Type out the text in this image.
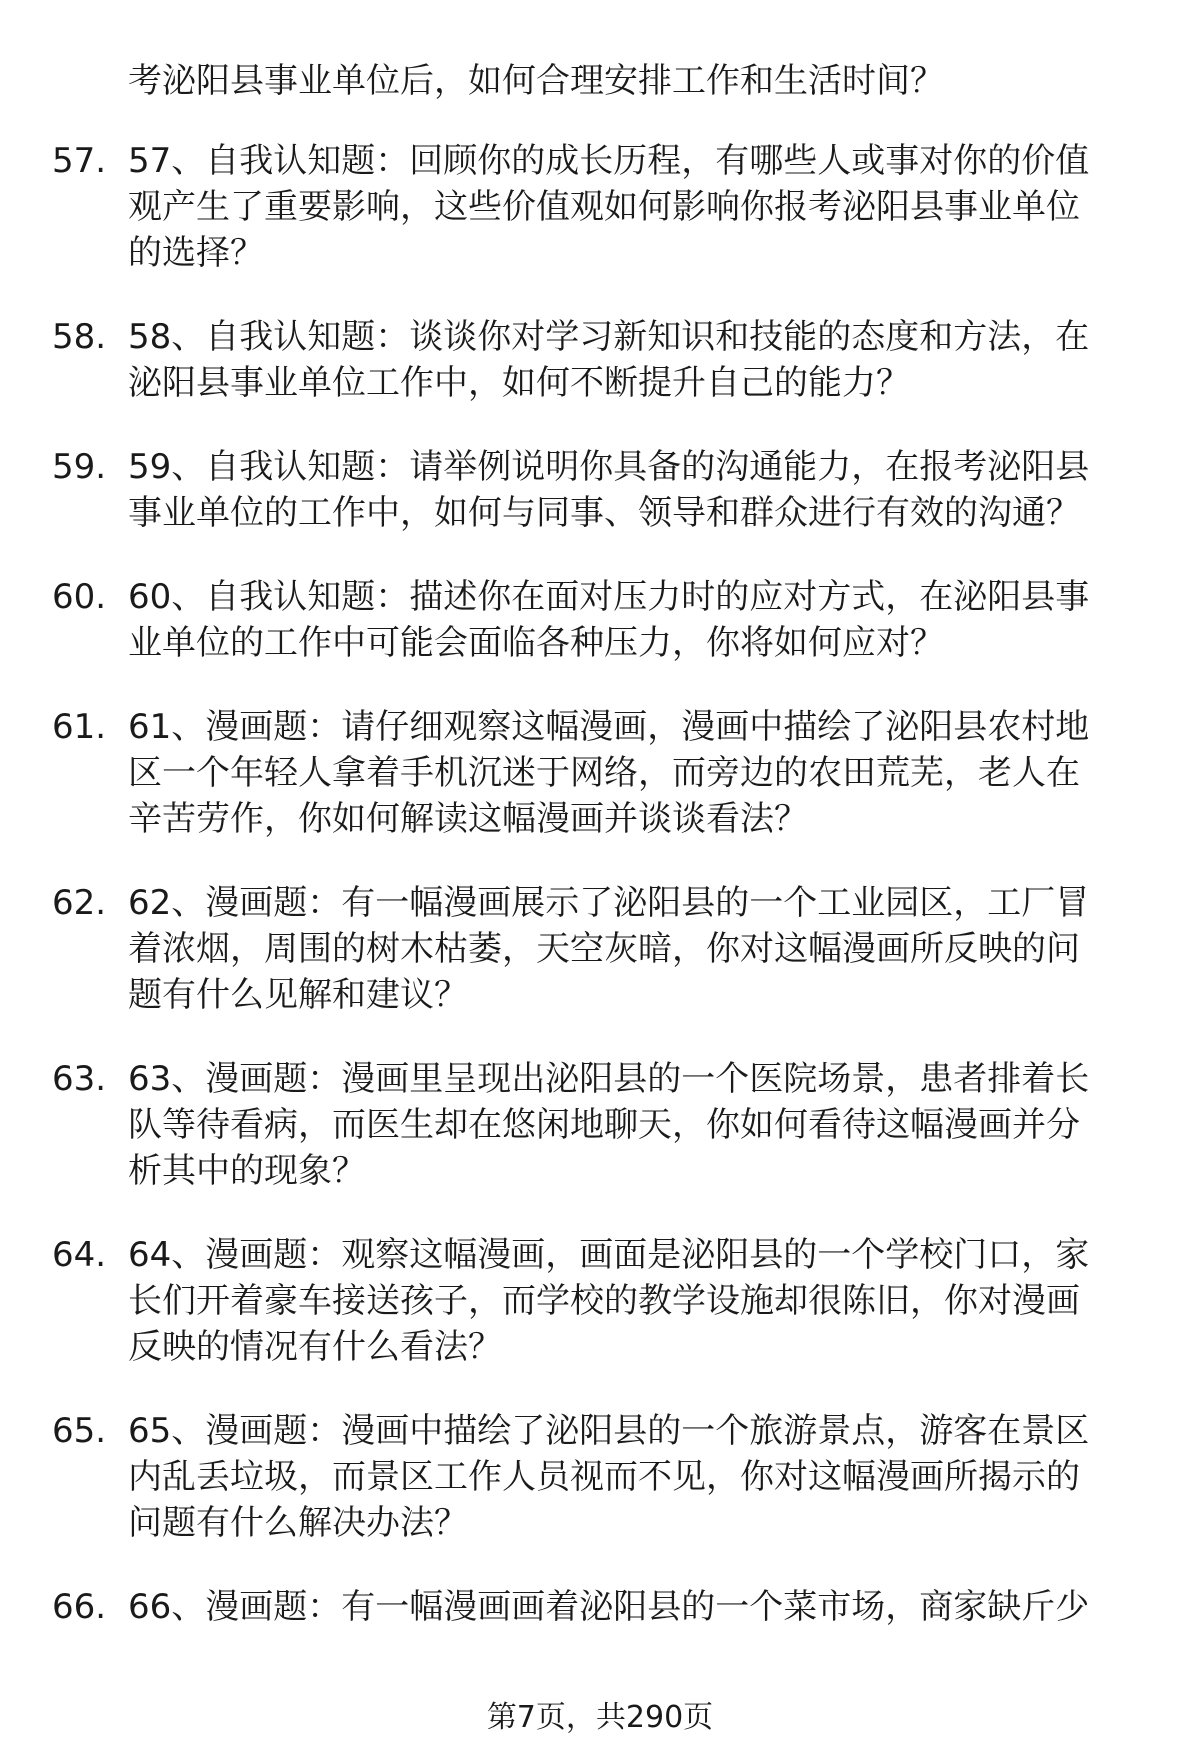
考泌阳县事业单位后，如何合理安排工作和生活时间？
57. 57、自我认知题：回顾你的成长历程，有哪些人或事对你的价值
观产生了重要影响，这些价值观如何影响你报考泌阳县事业单位
的选择？
58. 58、自我认知题：谈谈你对学习新知识和技能的态度和方法，在
泌阳县事业单位工作中，如何不断提升自己的能力？
59. 59、自我认知题：请举例说明你具备的沟通能力，在报考泌阳县
事业单位的工作中，如何与同事、领导和群众进行有效的沟通？
60. 60、自我认知题：描述你在面对压力时的应对方式，在泌阳县事
业单位的工作中可能会面临各种压力，你将如何应对？
61. 61、漫画题：请仔细观察这幅漫画，漫画中描绘了泌阳县农村地
区一个年轻人拿着手机沉迷于网络，而旁边的农田荒芜，老人在
辛苦劳作，你如何解读这幅漫画并谈谈看法？
62. 62、漫画题：有一幅漫画展示了泌阳县的一个工业园区，工厂冒
着浓烟，周围的树木枯萎，天空灰暗，你对这幅漫画所反映的问
题有什么见解和建议？
63. 63、漫画题：漫画里呈现出泌阳县的一个医院场景，患者排着长
队等待看病，而医生却在悠闲地聊天，你如何看待这幅漫画并分
析其中的现象？
64. 64、漫画题：观察这幅漫画，画面是泌阳县的一个学校门口，家
长们开着豪车接送孩子，而学校的教学设施却很陈旧，你对漫画
反映的情况有什么看法？
65. 65、漫画题：漫画中描绘了泌阳县的一个旅游景点，游客在景区
内乱丢垃圾，而景区工作人员视而不见，你对这幅漫画所揭示的
问题有什么解决办法？
66. 66、漫画题：有一幅漫画画着泌阳县的一个菜市场，商家缺斤少
第7页，共290页
